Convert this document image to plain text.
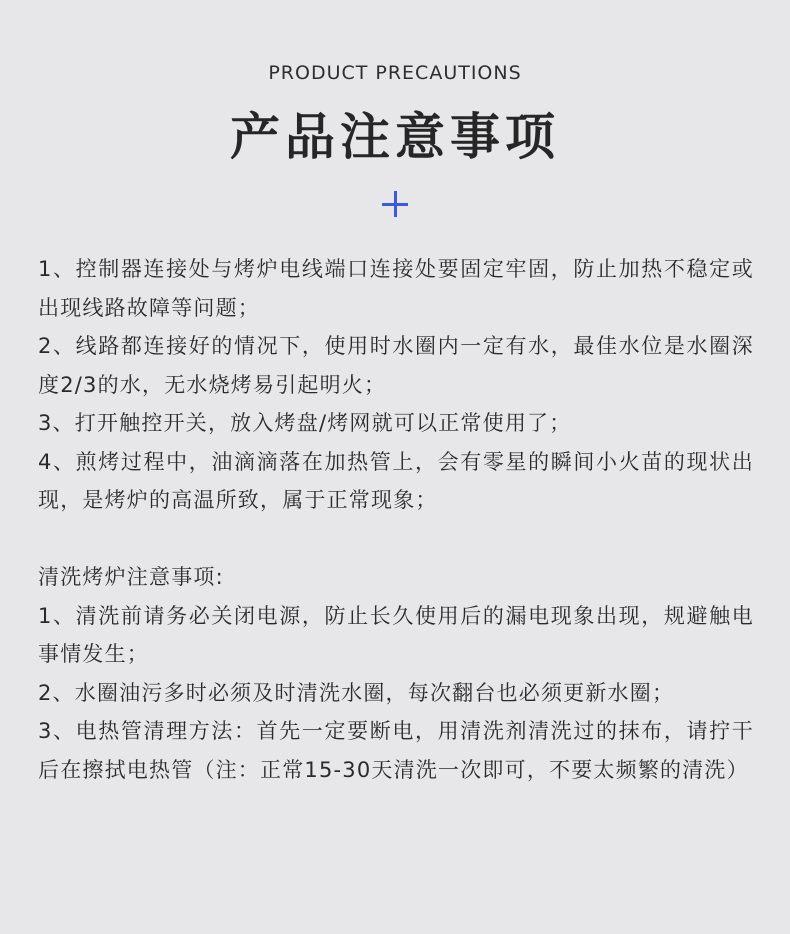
PRODUCT PRECAUTIONS
产品注意事项

1、控制器连接处与烤炉电线端口连接处要固定牢固，防止加热不稳定或出现线路故障等问题；

2、线路都连接好的情况下，使用时水圈内一定有水，最佳水位是水圈深度2/3的水，无水烧烤易引起明火；

3、打开触控开关，放入烤盘/烤网就可以正常使用了；

4、煎烤过程中，油滴滴落在加热管上，会有零星的瞬间小火苗的现状出现，是烤炉的高温所致，属于正常现象；

清洗烤炉注意事项:

1、清洗前请务必关闭电源，防止长久使用后的漏电现象出现，规避触电事情发生；

2、水圈油污多时必须及时清洗水圈，每次翻台也必须更新水圈；

3、电热管清理方法：首先一定要断电，用清洗剂清洗过的抹布，请拧干后在擦拭电热管（注：正常15-30天清洗一次即可，不要太频繁的清洗）
